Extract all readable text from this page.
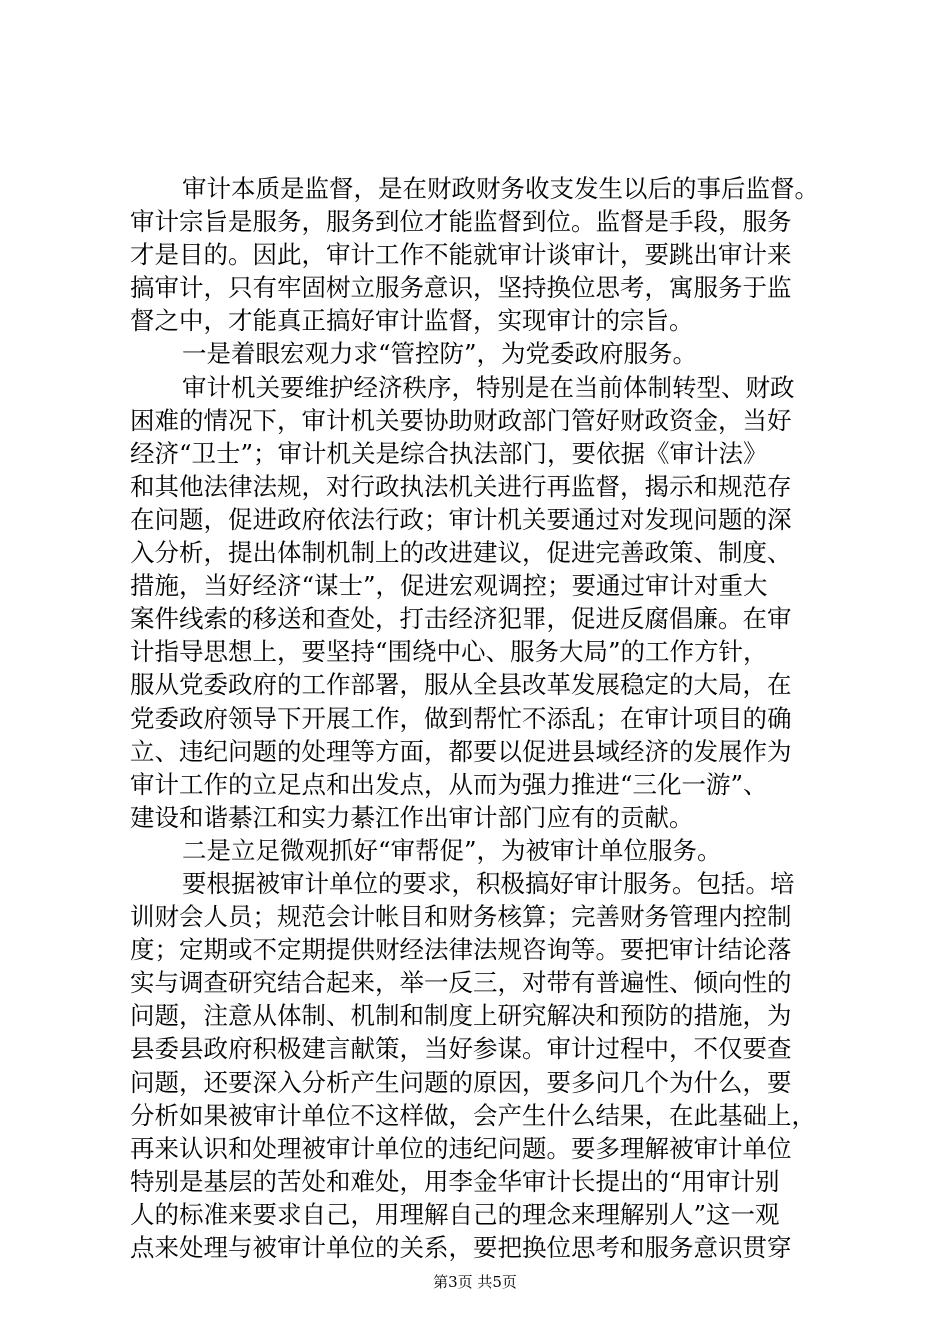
审计本质是监督，是在财政财务收支发生以后的事后监督。
审计宗旨是服务，服务到位才能监督到位。监督是手段，服务
才是目的。因此，审计工作不能就审计谈审计，要跳出审计来
搞审计，只有牢固树立服务意识，坚持换位思考，寓服务于监
督之中，才能真正搞好审计监督，实现审计的宗旨。
一是着眼宏观力求“管控防”，为党委政府服务。
审计机关要维护经济秩序，特别是在当前体制转型、财政
困难的情况下，审计机关要协助财政部门管好财政资金，当好
经济“卫士”；审计机关是综合执法部门，要依据《审计法》
和其他法律法规，对行政执法机关进行再监督，揭示和规范存
在问题，促进政府依法行政；审计机关要通过对发现问题的深
入分析，提出体制机制上的改进建议，促进完善政策、制度、
措施，当好经济“谋士”，促进宏观调控；要通过审计对重大
案件线索的移送和查处，打击经济犯罪，促进反腐倡廉。在审
计指导思想上，要坚持“围绕中心、服务大局”的工作方针，
服从党委政府的工作部署，服从全县改革发展稳定的大局，在
党委政府领导下开展工作，做到帮忙不添乱；在审计项目的确
立、违纪问题的处理等方面，都要以促进县域经济的发展作为
审计工作的立足点和出发点，从而为强力推进“三化一游”、
建设和谐綦江和实力綦江作出审计部门应有的贡献。
二是立足微观抓好“审帮促”，为被审计单位服务。
要根据被审计单位的要求，积极搞好审计服务。包括。培
训财会人员；规范会计帐目和财务核算；完善财务管理内控制
度；定期或不定期提供财经法律法规咨询等。要把审计结论落
实与调查研究结合起来，举一反三，对带有普遍性、倾向性的
问题，注意从体制、机制和制度上研究解决和预防的措施，为
县委县政府积极建言献策，当好参谋。审计过程中，不仅要查
问题，还要深入分析产生问题的原因，要多问几个为什么，要
分析如果被审计单位不这样做，会产生什么结果，在此基础上，
再来认识和处理被审计单位的违纪问题。要多理解被审计单位
特别是基层的苦处和难处，用李金华审计长提出的“用审计别
人的标准来要求自己，用理解自己的理念来理解别人”这一观
点来处理与被审计单位的关系，要把换位思考和服务意识贯穿
第3页 共5页
